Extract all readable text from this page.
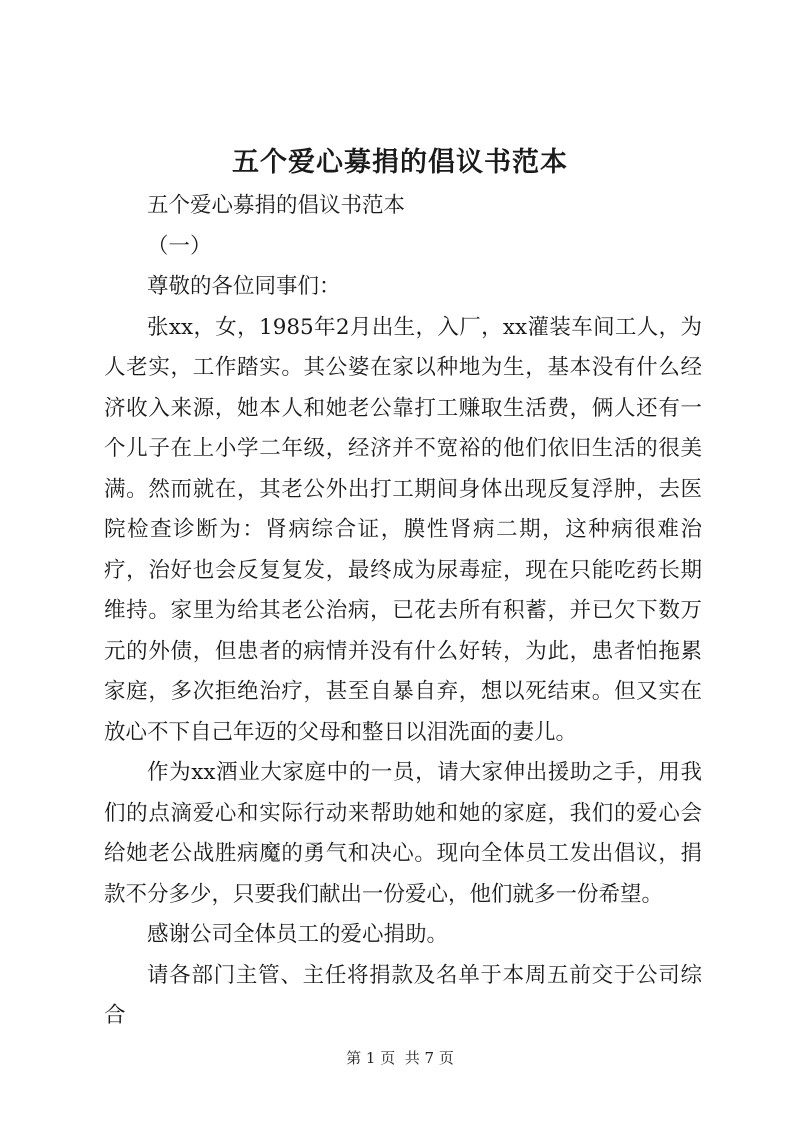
五个爱心募捐的倡议书范本

五个爱心募捐的倡议书范本

（一）

尊敬的各位同事们：

张xx，女，1985年2月出生，入厂，xx灌装车间工人，为人老实，工作踏实。其公婆在家以种地为生，基本没有什么经济收入来源，她本人和她老公靠打工赚取生活费，俩人还有一个儿子在上小学二年级，经济并不宽裕的他们依旧生活的很美满。然而就在，其老公外出打工期间身体出现反复浮肿，去医院检查诊断为：肾病综合证，膜性肾病二期，这种病很难治疗，治好也会反复复发，最终成为尿毒症，现在只能吃药长期维持。家里为给其老公治病，已花去所有积蓄，并已欠下数万元的外债，但患者的病情并没有什么好转，为此，患者怕拖累家庭，多次拒绝治疗，甚至自暴自弃，想以死结束。但又实在放心不下自己年迈的父母和整日以泪洗面的妻儿。

作为xx酒业大家庭中的一员，请大家伸出援助之手，用我们的点滴爱心和实际行动来帮助她和她的家庭，我们的爱心会给她老公战胜病魔的勇气和决心。现向全体员工发出倡议，捐款不分多少，只要我们献出一份爱心，他们就多一份希望。

感谢公司全体员工的爱心捐助。

请各部门主管、主任将捐款及名单于本周五前交于公司综合

第 1 页  共 7 页
